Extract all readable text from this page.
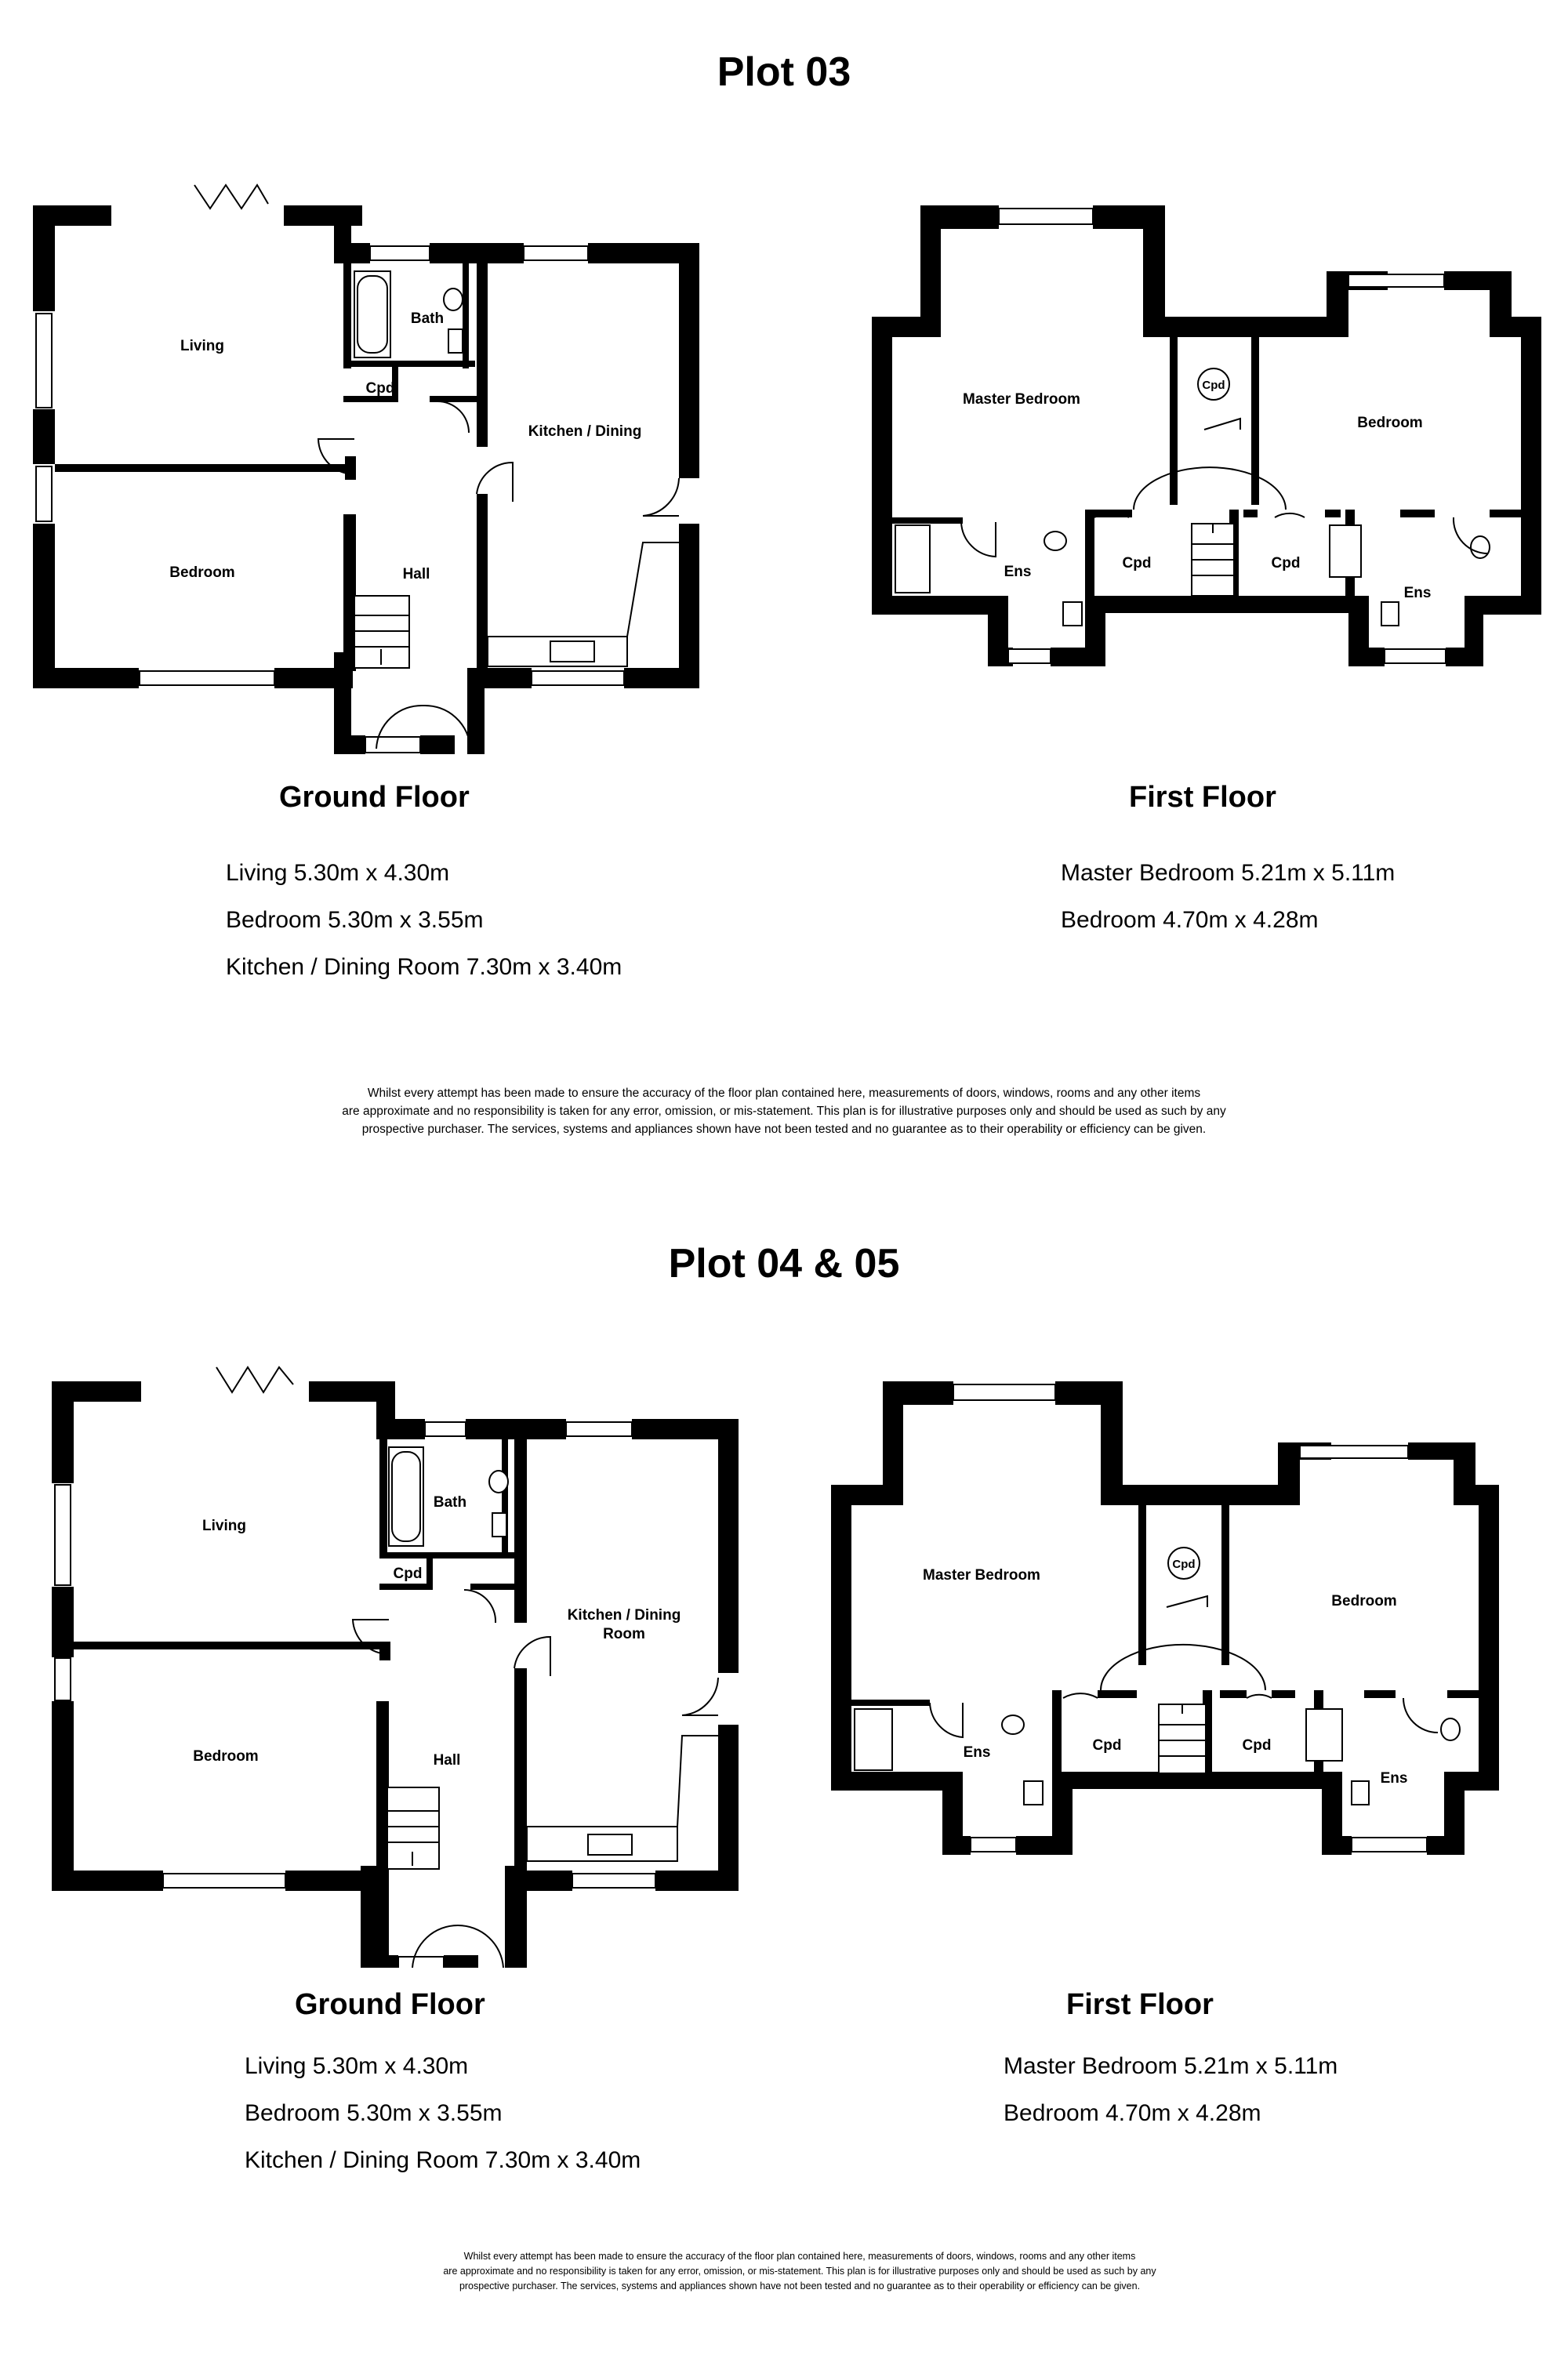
Plot 03
Living
Bath
Cpd
Kitchen / Dining
Bedroom	Hall
Master Bedroom
Cpd
Bedroom
Ens
Cpd	Cpd
Ens
Ground Floor	First Floor
Living 5.30m x 4.30m
Bedroom 5.30m x 3.55m
Kitchen / Dining Room 7.30m x 3.40m
Master Bedroom 5.21m x 5.11m
Bedroom 4.70m x 4.28m
Whilst every attempt has been made to ensure the accuracy of the floor plan contained here, measurements of doors, windows, rooms and any other items
are approximate and no responsibility is taken for any error, omission, or mis-statement. This plan is for illustrative purposes only and should be used as such by any
prospective purchaser. The services, systems and appliances shown have not been tested and no guarantee as to their operability or efficiency can be given.
Plot 04 & 05
Living
Bath
Cpd
Kitchen / Dining
Room
Bedroom	Hall
Master Bedroom
Cpd
Bedroom
Ens	Cpd	Cpd
Ens
Ground Floor	First Floor
Living 5.30m x 4.30m
Bedroom 5.30m x 3.55m
Kitchen / Dining Room 7.30m x 3.40m
Master Bedroom 5.21m x 5.11m
Bedroom 4.70m x 4.28m
Whilst every attempt has been made to ensure the accuracy of the floor plan contained here, measurements of doors, windows, rooms and any other items
are approximate and no responsibility is taken for any error, omission, or mis-statement. This plan is for illustrative purposes only and should be used as such by any
prospective purchaser. The services, systems and appliances shown have not been tested and no guarantee as to their operability or efficiency can be given.
